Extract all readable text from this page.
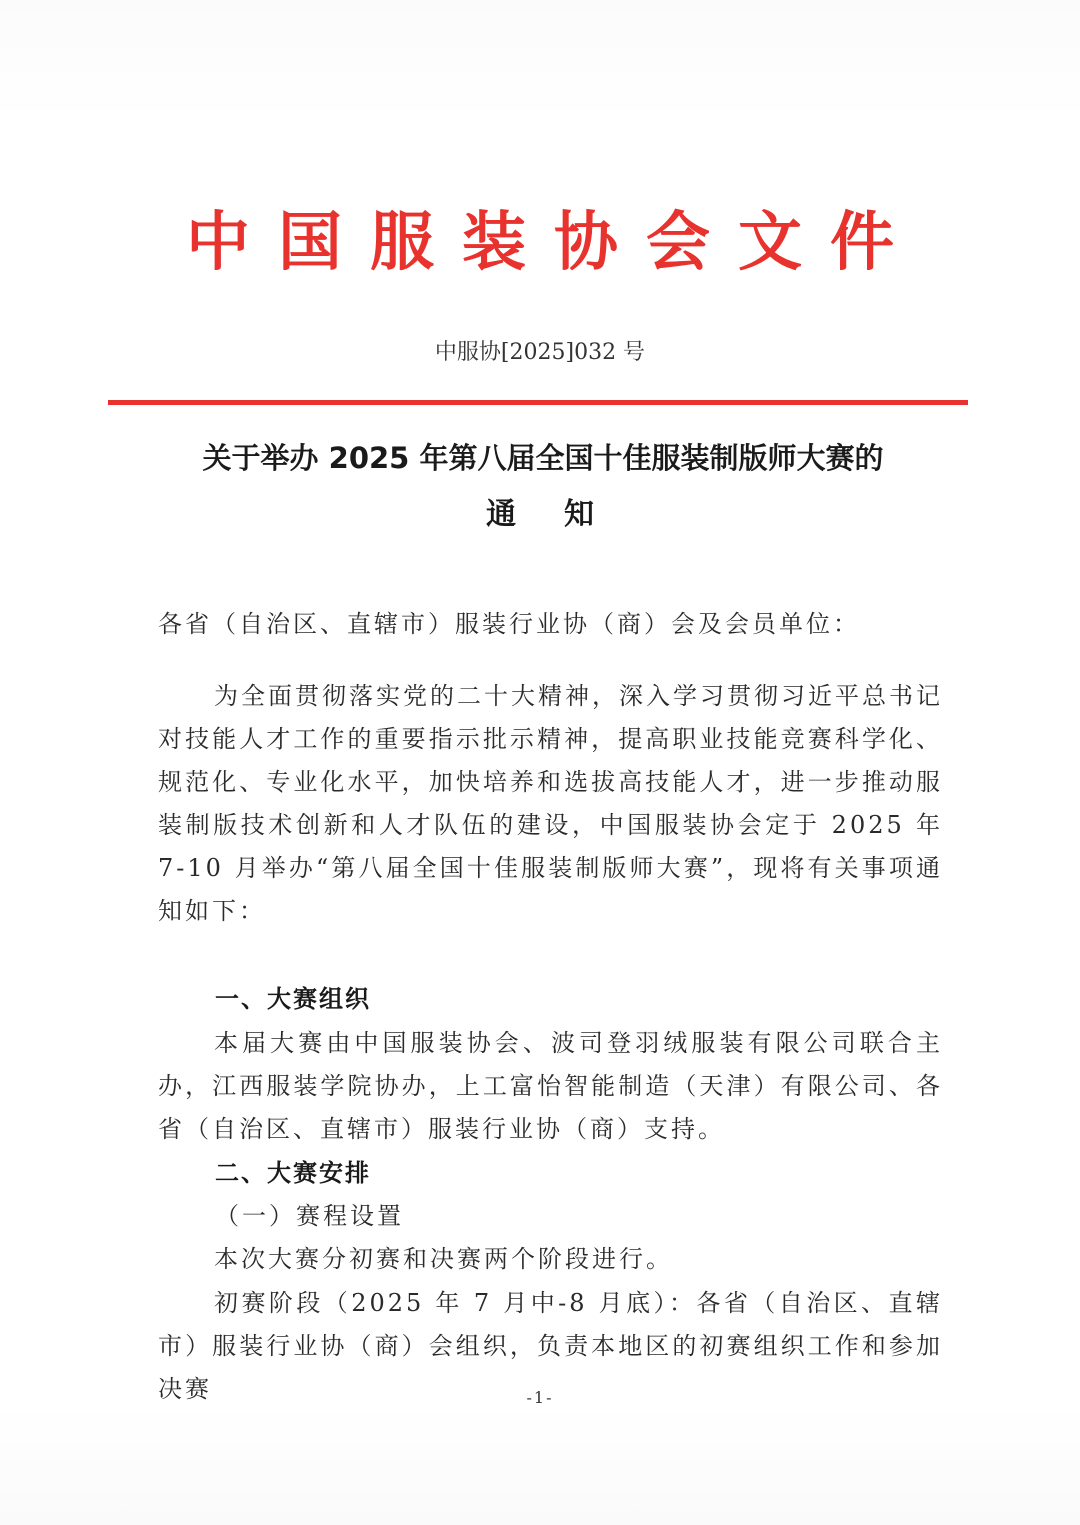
中国服装协会文件
中服协[2025]032 号
关于举办 2025 年第八届全国十佳服装制版师大赛的
通知
各省（自治区、直辖市）服装行业协（商）会及会员单位：
为全面贯彻落实党的二十大精神，深入学习贯彻习近平总书记对技能人才工作的重要指示批示精神，提高职业技能竞赛科学化、规范化、专业化水平，加快培养和选拔高技能人才，进一步推动服装制版技术创新和人才队伍的建设，中国服装协会定于 2025 年 7-10 月举办“第八届全国十佳服装制版师大赛”，现将有关事项通知如下：
一、大赛组织
本届大赛由中国服装协会、波司登羽绒服装有限公司联合主办，江西服装学院协办，上工富怡智能制造（天津）有限公司、各省（自治区、直辖市）服装行业协（商）支持。
二、大赛安排
（一）赛程设置
本次大赛分初赛和决赛两个阶段进行。
初赛阶段（2025 年 7 月中-8 月底）：各省（自治区、直辖市）服装行业协（商）会组织，负责本地区的初赛组织工作和参加决赛	-1-
